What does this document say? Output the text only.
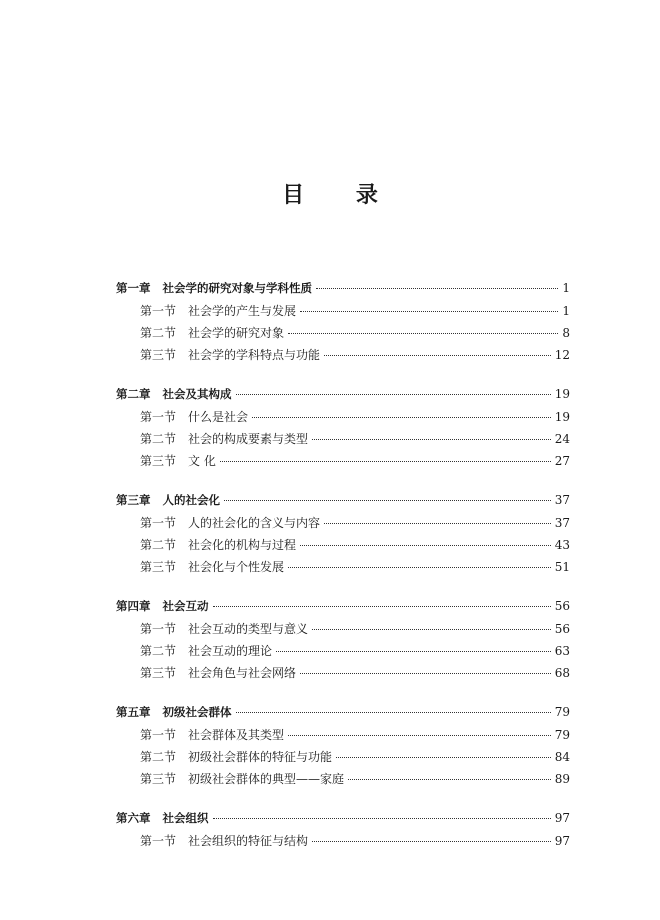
目 录
第一章 社会学的研究对象与学科性质	1
第一节 社会学的产生与发展	1
第二节 社会学的研究对象	8
第三节 社会学的学科特点与功能	12
第二章 社会及其构成	19
第一节 什么是社会	19
第二节 社会的构成要素与类型	24
第三节 文 化	27
第三章 人的社会化	37
第一节 人的社会化的含义与内容	37
第二节 社会化的机构与过程	43
第三节 社会化与个性发展	51
第四章 社会互动	56
第一节 社会互动的类型与意义	56
第二节 社会互动的理论	63
第三节 社会角色与社会网络	68
第五章 初级社会群体	79
第一节 社会群体及其类型	79
第二节 初级社会群体的特征与功能	84
第三节 初级社会群体的典型——家庭	89
第六章 社会组织	97
第一节 社会组织的特征与结构	97
